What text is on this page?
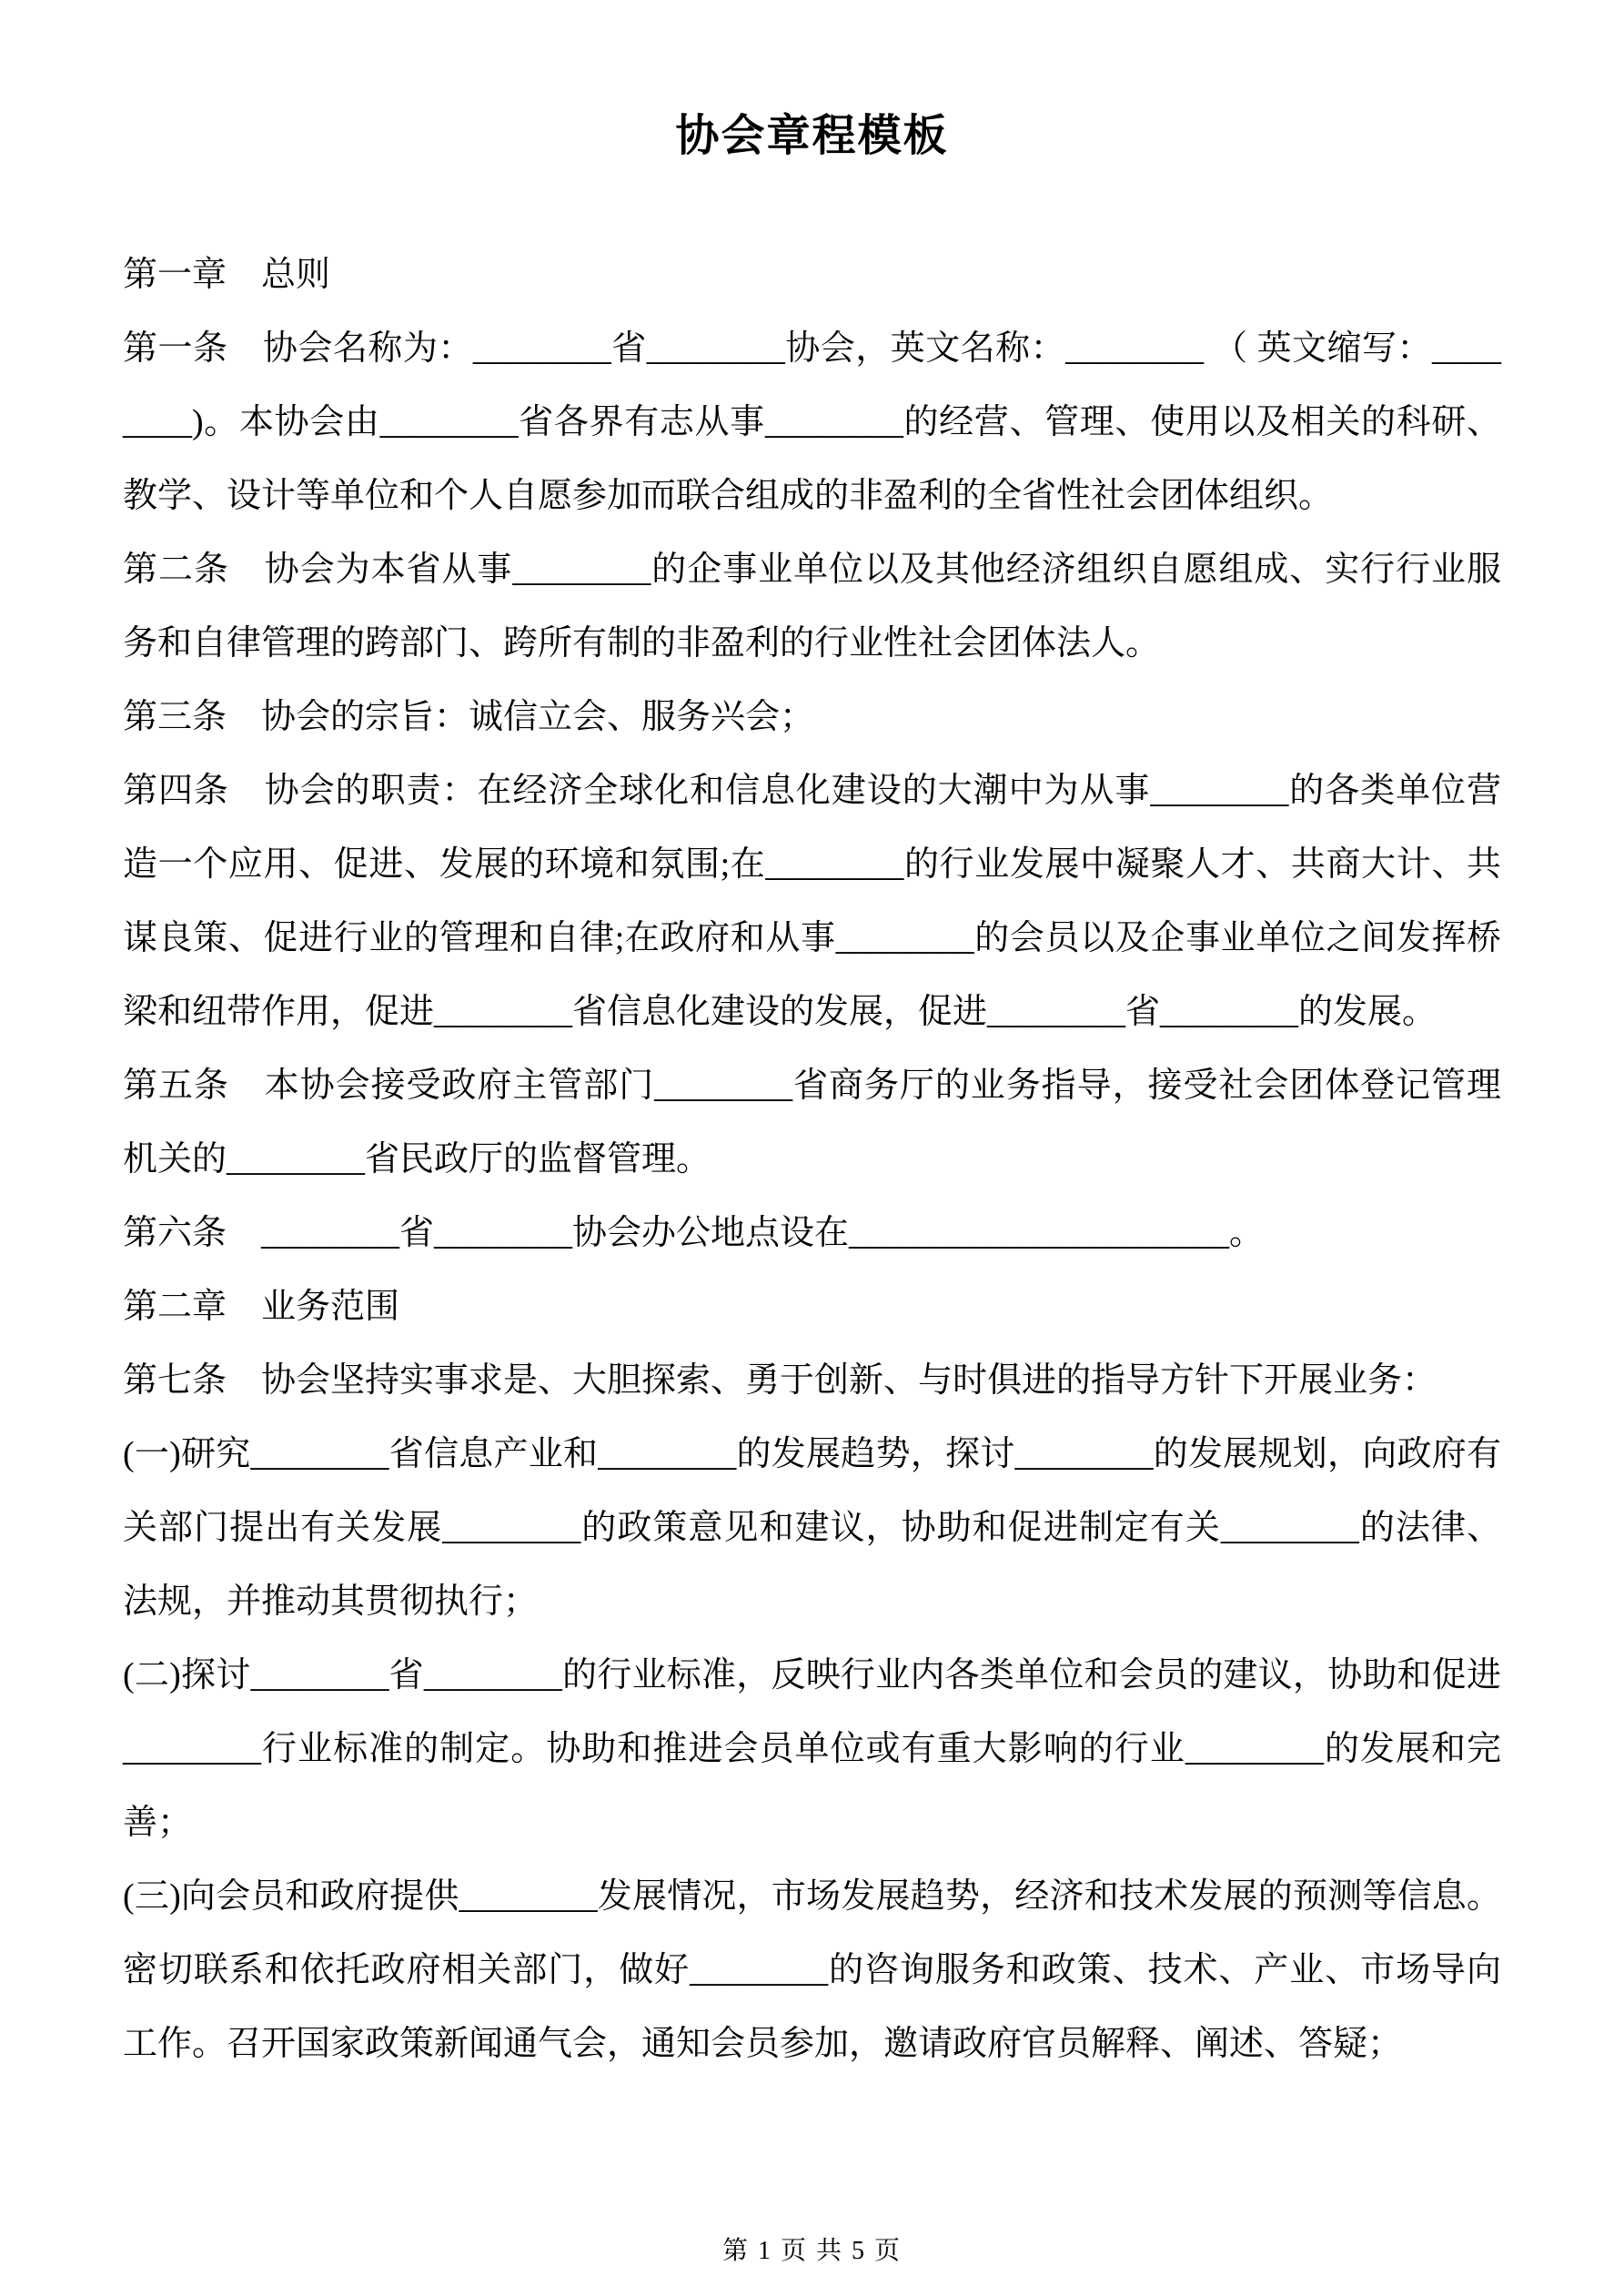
协会章程模板

第一章　总则

第一条　协会名称为：________省________协会，英文名称：________ （ 英文缩写：________)。本协会由________省各界有志从事________的经营、管理、使用以及相关的科研、教学、设计等单位和个人自愿参加而联合组成的非盈利的全省性社会团体组织。

第二条　协会为本省从事________的企事业单位以及其他经济组织自愿组成、实行行业服务和自律管理的跨部门、跨所有制的非盈利的行业性社会团体法人。

第三条　协会的宗旨：诚信立会、服务兴会；

第四条　协会的职责：在经济全球化和信息化建设的大潮中为从事________的各类单位营造一个应用、促进、发展的环境和氛围;在________的行业发展中凝聚人才、共商大计、共谋良策、促进行业的管理和自律;在政府和从事________的会员以及企事业单位之间发挥桥梁和纽带作用，促进________省信息化建设的发展，促进________省________的发展。

第五条　本协会接受政府主管部门________省商务厅的业务指导，接受社会团体登记管理机关的________省民政厅的监督管理。

第六条　________省________协会办公地点设在______________________。

第二章　业务范围

第七条　协会坚持实事求是、大胆探索、勇于创新、与时俱进的指导方针下开展业务：

(一)研究________省信息产业和________的发展趋势，探讨________的发展规划，向政府有关部门提出有关发展________的政策意见和建议，协助和促进制定有关________的法律、法规，并推动其贯彻执行；

(二)探讨________省________的行业标准，反映行业内各类单位和会员的建议，协助和促进________行业标准的制定。协助和推进会员单位或有重大影响的行业________的发展和完善；

(三)向会员和政府提供________发展情况，市场发展趋势，经济和技术发展的预测等信息。密切联系和依托政府相关部门，做好________的咨询服务和政策、技术、产业、市场导向工作。召开国家政策新闻通气会，通知会员参加，邀请政府官员解释、阐述、答疑；

第 1 页 共 5 页
